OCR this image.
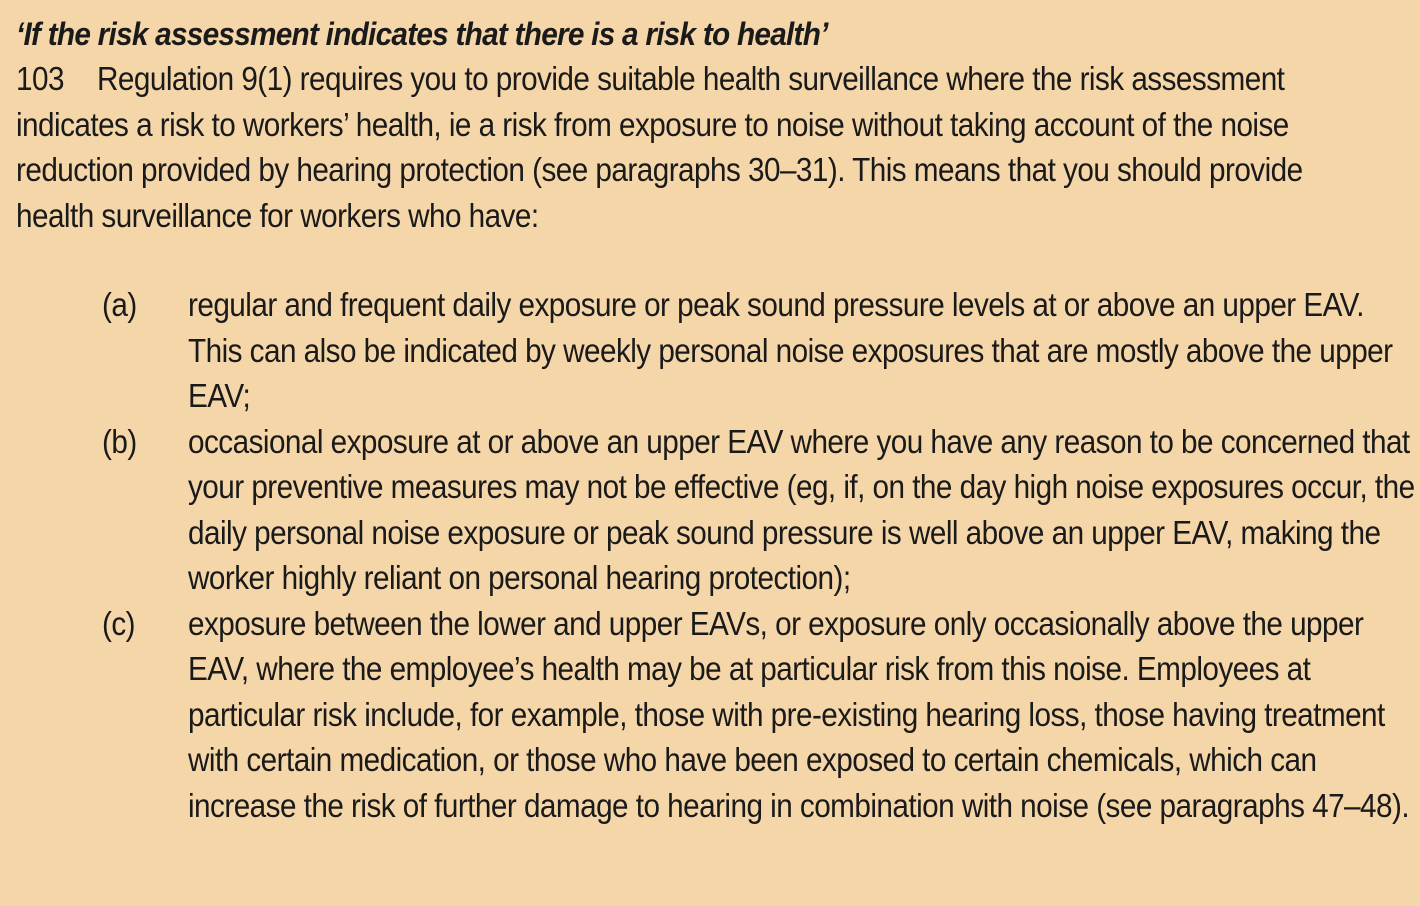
‘If the risk assessment indicates that there is a risk to health’

103 Regulation 9(1) requires you to provide suitable health surveillance where the risk assessment indicates a risk to workers’ health, ie a risk from exposure to noise without taking account of the noise reduction provided by hearing protection (see paragraphs 30–31). This means that you should provide health surveillance for workers who have:

(a) regular and frequent daily exposure or peak sound pressure levels at or above an upper EAV. This can also be indicated by weekly personal noise exposures that are mostly above the upper EAV;
(b) occasional exposure at or above an upper EAV where you have any reason to be concerned that your preventive measures may not be effective (eg, if, on the day high noise exposures occur, the daily personal noise exposure or peak sound pressure is well above an upper EAV, making the worker highly reliant on personal hearing protection);
(c) exposure between the lower and upper EAVs, or exposure only occasionally above the upper EAV, where the employee’s health may be at particular risk from this noise. Employees at particular risk include, for example, those with pre-existing hearing loss, those having treatment with certain medication, or those who have been exposed to certain chemicals, which can increase the risk of further damage to hearing in combination with noise (see paragraphs 47–48).
